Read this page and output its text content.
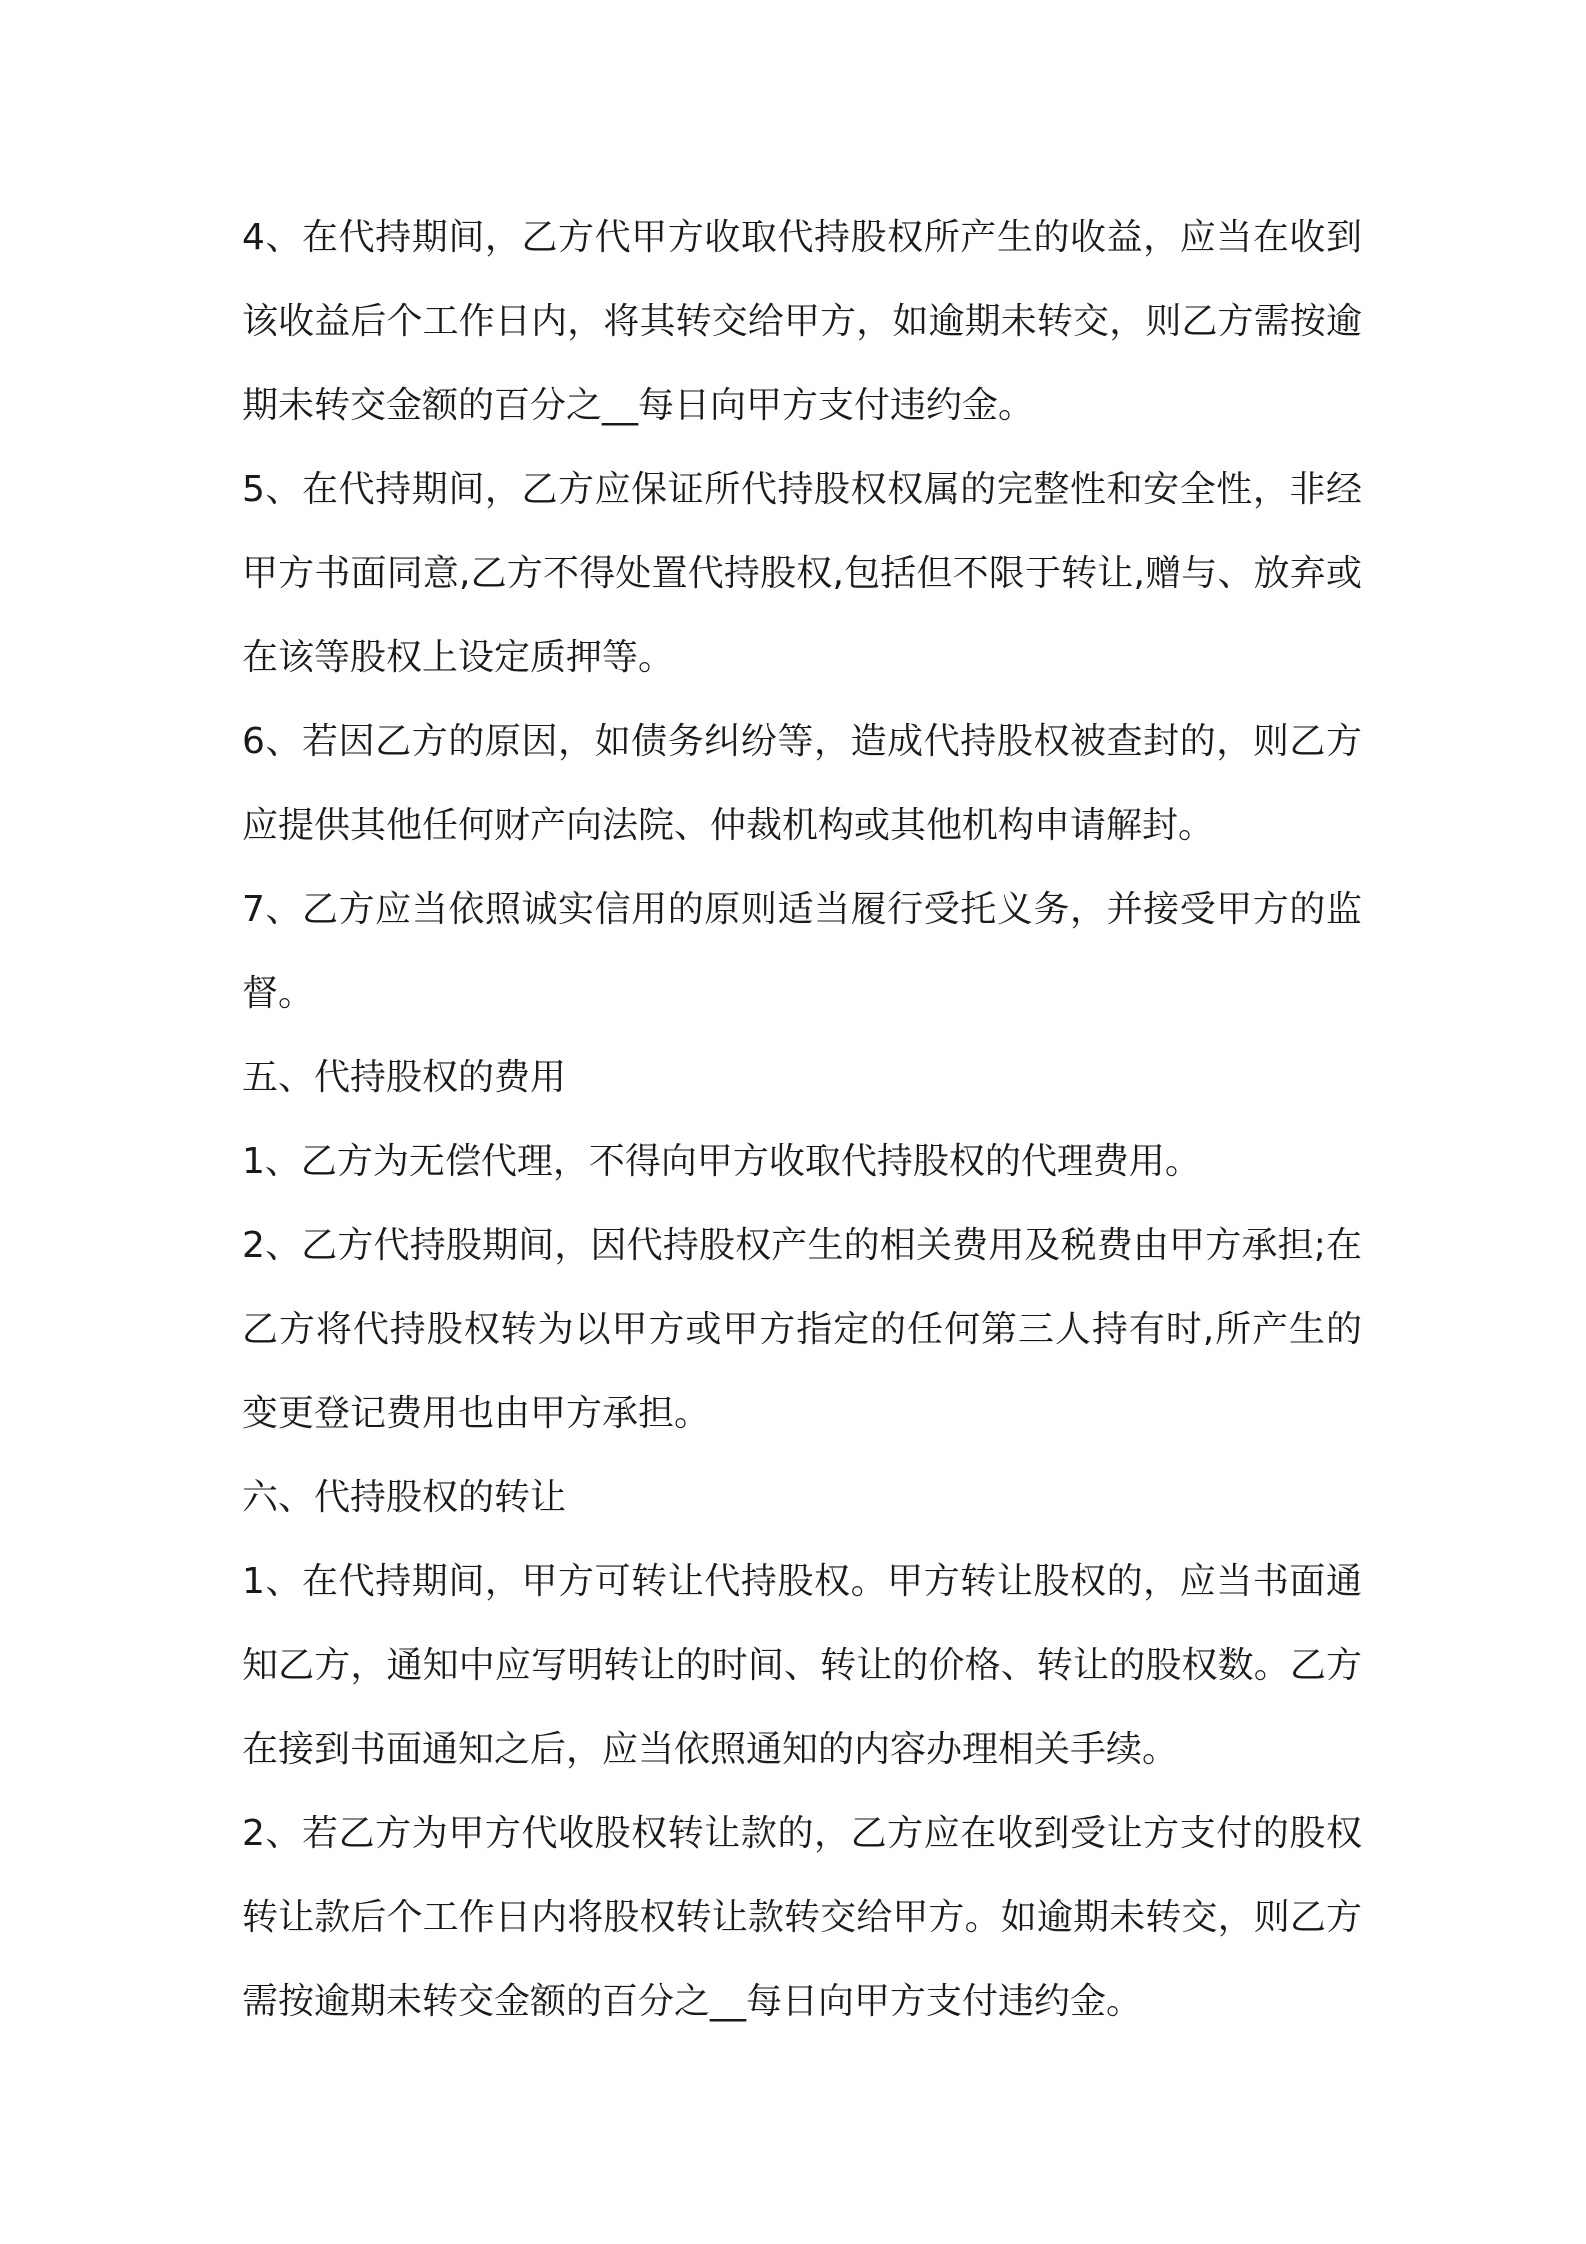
4、在代持期间，乙方代甲方收取代持股权所产生的收益，应当在收到该收益后个工作日内，将其转交给甲方，如逾期未转交，则乙方需按逾期未转交金额的百分之__每日向甲方支付违约金。

5、在代持期间，乙方应保证所代持股权权属的完整性和安全性，非经甲方书面同意,乙方不得处置代持股权,包括但不限于转让,赠与、放弃或在该等股权上设定质押等。

6、若因乙方的原因，如债务纠纷等，造成代持股权被查封的，则乙方应提供其他任何财产向法院、仲裁机构或其他机构申请解封。

7、乙方应当依照诚实信用的原则适当履行受托义务，并接受甲方的监督。

五、代持股权的费用

1、乙方为无偿代理，不得向甲方收取代持股权的代理费用。

2、乙方代持股期间，因代持股权产生的相关费用及税费由甲方承担;在乙方将代持股权转为以甲方或甲方指定的任何第三人持有时,所产生的变更登记费用也由甲方承担。

六、代持股权的转让

1、在代持期间，甲方可转让代持股权。甲方转让股权的，应当书面通知乙方，通知中应写明转让的时间、转让的价格、转让的股权数。乙方在接到书面通知之后，应当依照通知的内容办理相关手续。

2、若乙方为甲方代收股权转让款的，乙方应在收到受让方支付的股权转让款后个工作日内将股权转让款转交给甲方。如逾期未转交，则乙方需按逾期未转交金额的百分之__每日向甲方支付违约金。
